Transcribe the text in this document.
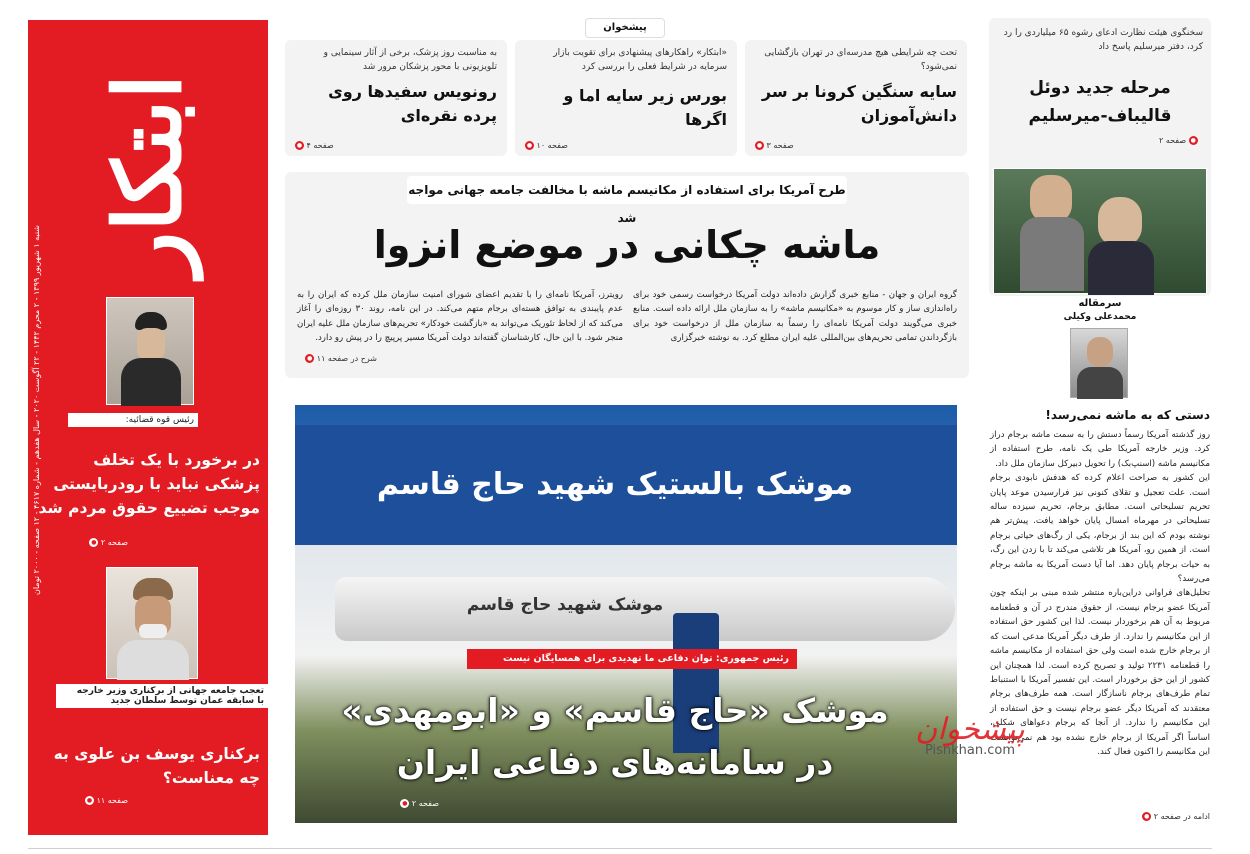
ابتکار
روزنامه صبح ایران
شنبه ۱ شهریور ۱۳۹۹ - ۲ محرم ۱۴۴۲ - ۲۲ آگوست ۲۰۲۰ - سال هفدهم - شماره ۴۶۱۷ - ۱۲ صفحه - ۲۰۰۰ تومان
رئیس قوه قضائیه:
در برخورد با یک تخلف پزشکی نباید با رودربایستی موجب تضییع حقوق مردم شد
صفحه ۲ ●
تعجب جامعه جهانی از برکناری وزیر خارجه
با سابقه عمان توسط سلطان جدید
برکناری یوسف بن علوی به چه معناست؟
صفحه ۱۱ ●
پیشخوان
تحت چه شرایطی هیچ مدرسه‌ای در تهران بازگشایی نمی‌شود؟
سایه سنگین کرونا بر سر دانش‌آموزان
صفحه ۳ ●
«ابتکار» راهکارهای پیشنهادی برای تقویت بازار سرمایه در شرایط فعلی را بررسی کرد
بورس زیر سایه اما و اگرها
صفحه ۱۰ ●
به مناسبت روز پزشک، برخی از آثار سینمایی و تلویزیونی با محور پزشکان مرور شد
رونویس سفیدها روی پرده نقره‌ای
صفحه ۴ ●
طرح آمریکا برای استفاده از مکانیسم ماشه با مخالفت جامعه جهانی مواجه شد
ماشه چکانی در موضع انزوا
گروه ایران و جهان - منابع خبری گزارش داده‌اند دولت آمریکا درخواست رسمی خود برای راه‌اندازی ساز و کار موسوم به «مکانیسم ماشه» را به سازمان ملل ارائه داده است. منابع خبری می‌گویند دولت آمریکا نامه‌ای را رسماً به سازمان ملل از درخواست خود برای بازگرداندن تمامی تحریم‌های بین‌المللی علیه ایران مطلع کرد. به نوشته خبرگزاری
رویترز، آمریکا نامه‌ای را با تقدیم اعضای شورای امنیت سازمان ملل کرده که ایران را به عدم پایبندی به توافق هسته‌ای برجام متهم می‌کند. در این نامه، روند ۳۰ روزه‌ای را آغاز می‌کند که از لحاظ تئوریک می‌تواند به «بازگشت خودکار» تحریم‌های سازمان ملل علیه ایران منجر شود. با این حال، کارشناسان گفته‌اند دولت آمریکا مسیر پرپیچ را در پیش رو دارد.
شرح در صفحه ۱۱ ●
موشک بالستیک شهید حاج قاسم
موشک شهید حاج قاسم
رئیس جمهوری: توان دفاعی ما تهدیدی برای همسایگان نیست
موشک «حاج قاسم» و «ابومهدی»
در سامانه‌های دفاعی ایران
صفحه ۲ ●
سخنگوی هیئت نظارت ادعای رشوه ۶۵ میلیاردی را رد کرد، دفتر میرسلیم پاسخ داد
مرحله جدید دوئل قالیباف-میرسلیم
صفحه ۲ ●
سرمقاله
محمدعلی وکیلی
دستی که به ماشه نمی‌رسد!
روز گذشته آمریکا رسماً دستش را به سمت ماشه برجام دراز کرد. وزیر خارجه آمریکا طی یک نامه، طرح استفاده از مکانیسم ماشه (اسنپ‌بک) را تحویل دبیرکل سازمان ملل داد.
این کشور به صراحت اعلام کرده که هدفش نابودی برجام است. علت تعجیل و تقلای کنونی نیز فرارسیدن موعد پایان تحریم تسلیحاتی است. مطابق برجام، تحریم سیزده ساله تسلیحاتی در مهرماه امسال پایان خواهد یافت. پیش‌تر هم نوشته بودم که این بند از برجام، یکی از رگ‌های حیاتی برجام است. از همین رو، آمریکا هر تلاشی می‌کند تا با زدن این رگ، به حیات برجام پایان دهد. اما آیا دست آمریکا به ماشه برجام می‌رسد؟
تحلیل‌های فراوانی دراین‌باره منتشر شده مبنی بر اینکه چون آمریکا عضو برجام نیست، از حقوق مندرج در آن و قطعنامه مربوط به آن هم برخوردار نیست. لذا این کشور حق استفاده از این مکانیسم را ندارد. از طرف دیگر آمریکا مدعی است که از برجام خارج شده است ولی حق استفاده از مکانیسم ماشه را قطعنامه ۲۲۳۱ تولید و تصریح کرده است. لذا همچنان این کشور از این حق برخوردار است. این تفسیر آمریکا با استنباط تمام طرف‌های برجام ناسازگار است. همه طرف‌های برجام معتقدند که آمریکا دیگر عضو برجام نیست و حق استفاده از این مکانیسم را ندارد. از آنجا که برجام دعواهای شکلی، اساساً اگر آمریکا از برجام خارج نشده بود هم نمی‌توانست این مکانیسم را اکنون فعال کند.
ادامه در صفحه ۲ ●
پیشخوان
Pishkhan.com
